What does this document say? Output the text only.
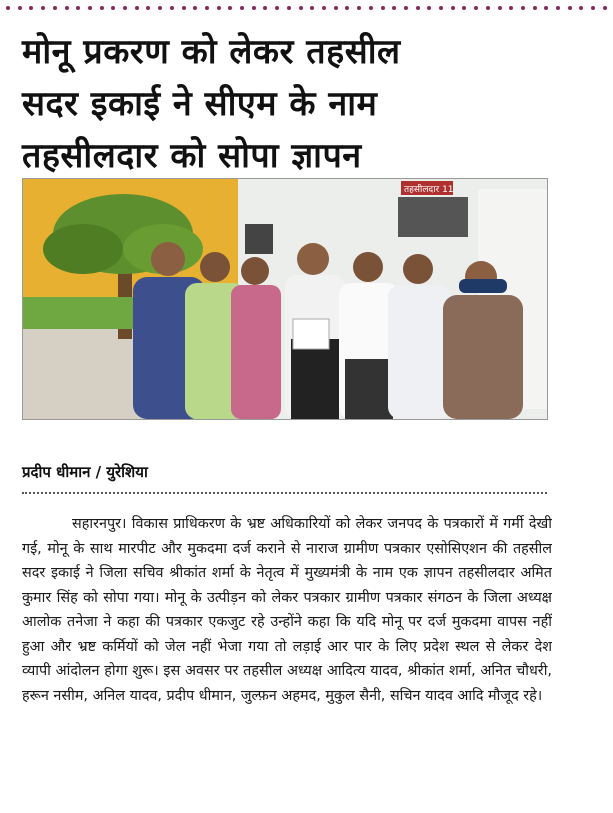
मोनू प्रकरण को लेकर तहसील
सदर इकाई ने सीएम के नाम
तहसीलदार को सोपा ज्ञापन
तहसीलदार 11
प्रदीप धीमान / युरेशिया
सहारनपुर। विकास प्राधिकरण के भ्रष्ट अधिकारियों को लेकर जनपद के पत्रकारों में गर्मी देखी गई, मोनू के साथ मारपीट और मुकदमा दर्ज कराने से नाराज ग्रामीण पत्रकार एसोसिएशन की तहसील सदर इकाई ने जिला सचिव श्रीकांत शर्मा के नेतृत्व में मुख्यमंत्री के नाम एक ज्ञापन तहसीलदार अमित कुमार सिंह को सोपा गया। मोनू के उत्पीड़न को लेकर पत्रकार ग्रामीण पत्रकार संगठन के जिला अध्यक्ष आलोक तनेजा ने कहा की पत्रकार एकजुट रहे उन्होंने कहा कि यदि मोनू पर दर्ज मुकदमा वापस नहीं हुआ और भ्रष्ट कर्मियों को जेल नहीं भेजा गया तो लड़ाई आर पार के लिए प्रदेश स्थल से लेकर देश व्यापी आंदोलन होगा शुरू। इस अवसर पर तहसील अध्यक्ष आदित्य यादव, श्रीकांत शर्मा, अनित चौधरी, हरून नसीम, अनिल यादव, प्रदीप धीमान, जुल्फ़न अहमद, मुकुल सैनी, सचिन यादव आदि मौजूद रहे।
